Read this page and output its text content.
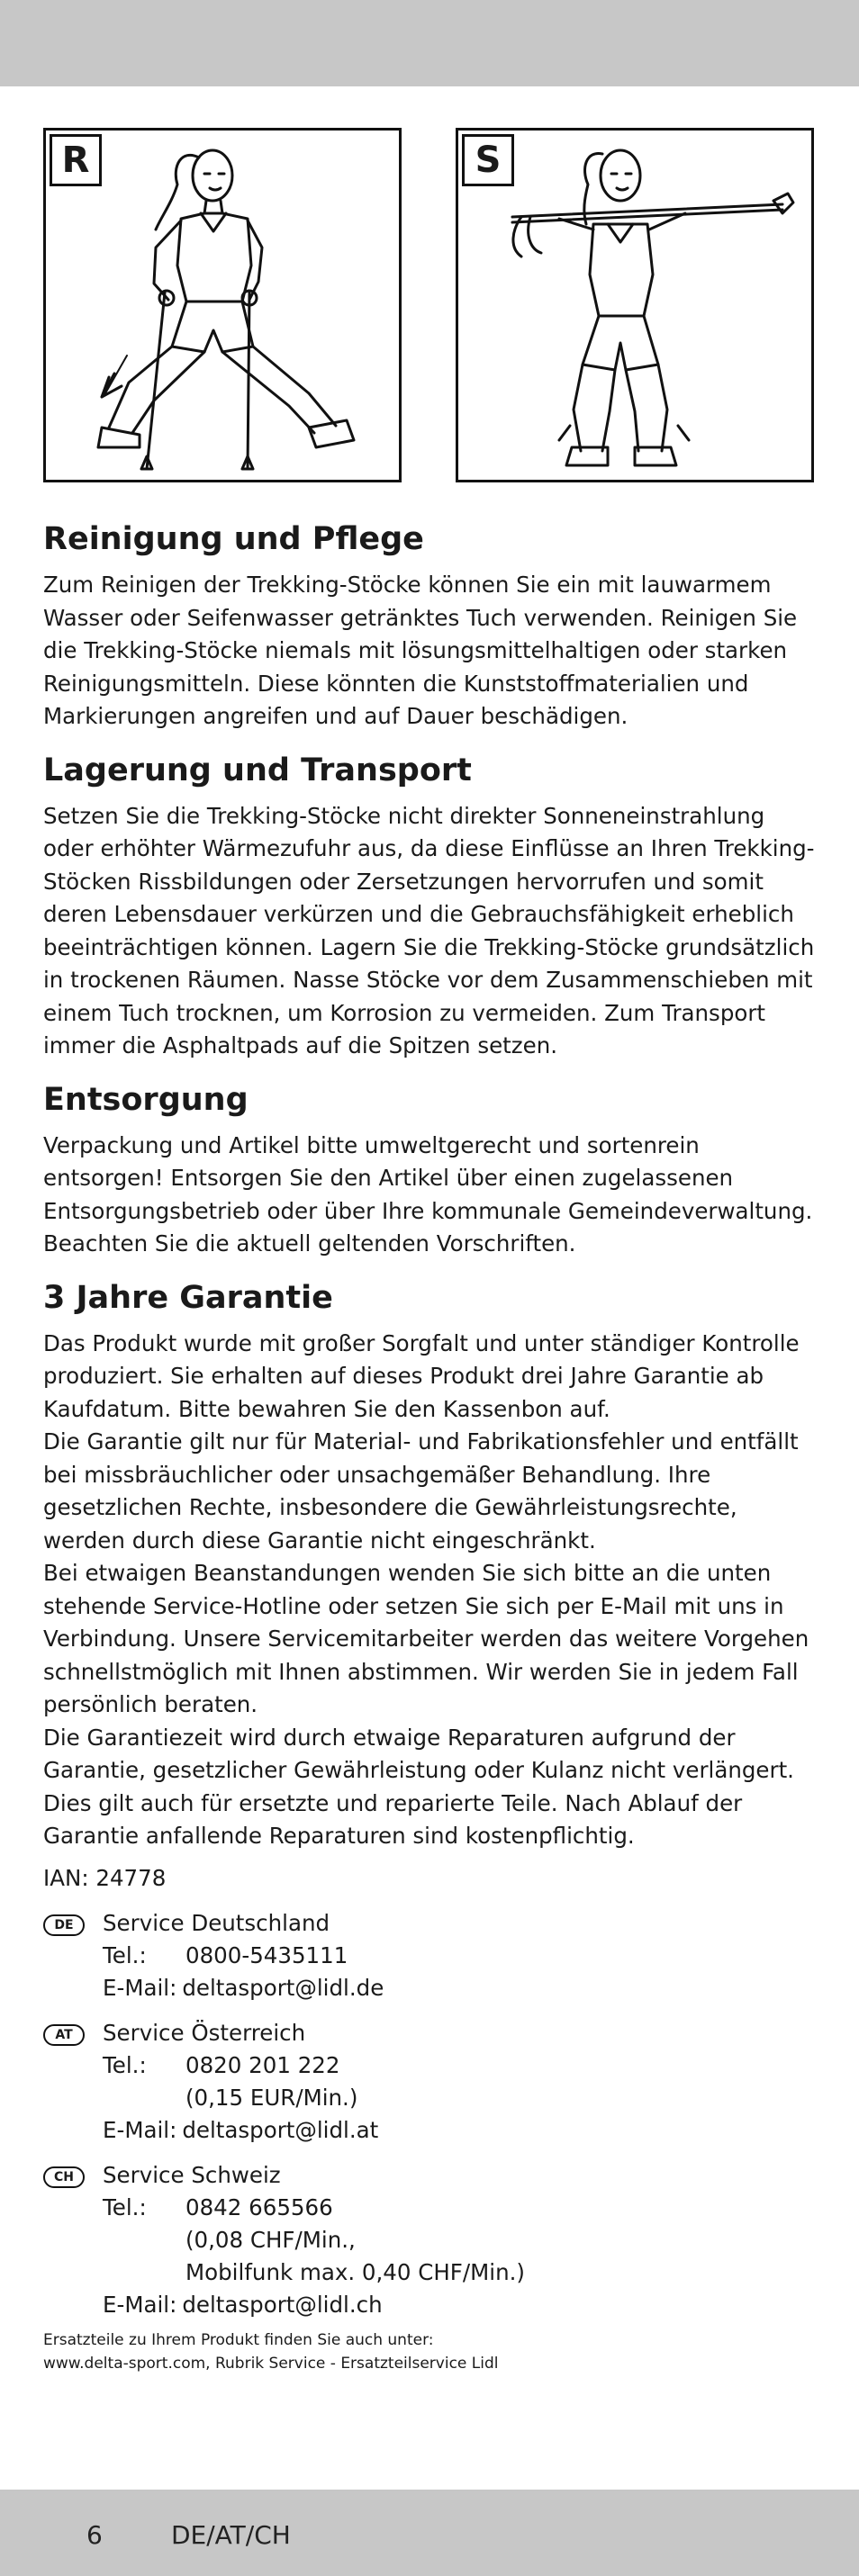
R	S
Reinigung und Pflege

Zum Reinigen der Trekking-Stöcke können Sie ein mit lauwarmem Wasser oder Seifenwasser getränktes Tuch verwenden. Reinigen Sie die Trekking-Stöcke niemals mit lösungsmittelhaltigen oder starken Reinigungsmitteln. Diese könnten die Kunststoffmaterialien und Markierungen angreifen und auf Dauer beschädigen.

Lagerung und Transport

Setzen Sie die Trekking-Stöcke nicht direkter Sonneneinstrahlung oder erhöhter Wärmezufuhr aus, da diese Einflüsse an Ihren Trekking-Stöcken Rissbildungen oder Zersetzungen hervorrufen und somit deren Lebensdauer verkürzen und die Gebrauchsfähigkeit erheblich beeinträchtigen können. Lagern Sie die Trekking-Stöcke grundsätzlich in trockenen Räumen. Nasse Stöcke vor dem Zusammenschieben mit einem Tuch trocknen, um Korrosion zu vermeiden. Zum Transport immer die Asphaltpads auf die Spitzen setzen.

Entsorgung

Verpackung und Artikel bitte umweltgerecht und sortenrein entsorgen! Entsorgen Sie den Artikel über einen zugelassenen Entsorgungsbetrieb oder über Ihre kommunale Gemeindeverwaltung. Beachten Sie die aktuell geltenden Vorschriften.

3 Jahre Garantie

Das Produkt wurde mit großer Sorgfalt und unter ständiger Kontrolle produziert. Sie erhalten auf dieses Produkt drei Jahre Garantie ab Kaufdatum. Bitte bewahren Sie den Kassenbon auf.

Die Garantie gilt nur für Material- und Fabrikationsfehler und entfällt bei missbräuchlicher oder unsachgemäßer Behandlung. Ihre gesetzlichen Rechte, insbesondere die Gewährleistungsrechte, werden durch diese Garantie nicht eingeschränkt.

Bei etwaigen Beanstandungen wenden Sie sich bitte an die unten stehende Service-Hotline oder setzen Sie sich per E-Mail mit uns in Verbindung. Unsere Servicemitarbeiter werden das weitere Vorgehen schnellstmöglich mit Ihnen abstimmen. Wir werden Sie in jedem Fall persönlich beraten.

Die Garantiezeit wird durch etwaige Reparaturen aufgrund der Garantie, gesetzlicher Gewährleistung oder Kulanz nicht verlängert. Dies gilt auch für ersetzte und reparierte Teile. Nach Ablauf der Garantie anfallende Reparaturen sind kostenpflichtig.

IAN: 24778
DE	Service Deutschland
Tel.:	0800-5435111
E-Mail: deltasport@lidl.de
AT	Service Österreich
Tel.:	0820 201 222
(0,15 EUR/Min.)
E-Mail: deltasport@lidl.at
CH	Service Schweiz
Tel.:	0842 665566
(0,08 CHF/Min.,
Mobilfunk max. 0,40 CHF/Min.)
E-Mail: deltasport@lidl.ch
Ersatzteile zu Ihrem Produkt finden Sie auch unter:
www.delta-sport.com, Rubrik Service - Ersatzteilservice Lidl
6	DE/AT/CH
